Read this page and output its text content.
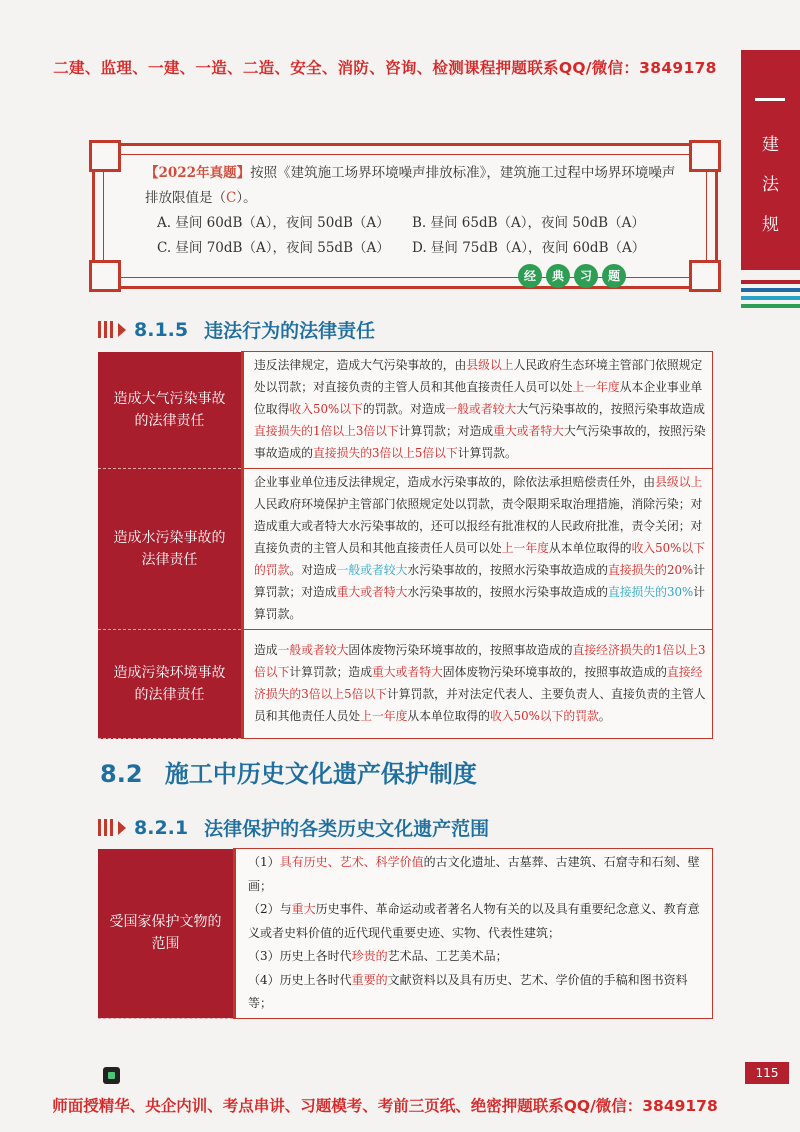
二建、监理、一建、一造、二造、安全、消防、咨询、检测课程押题联系QQ/微信：3849178
建
法
规
【2022年真题】按照《建筑施工场界环境噪声排放标准》，建筑施工过程中场界环境噪声
排放限值是（C）。
A. 昼间 60dB（A），夜间 50dB（A）	B. 昼间 65dB（A），夜间 50dB（A）
C. 昼间 70dB（A），夜间 55dB（A）	D. 昼间 75dB（A），夜间 60dB（A）
经	典	习	题
8.1.5 违法行为的法律责任
造成大气污染事故的法律责任	违反法律规定，造成大气污染事故的，由县级以上人民政府生态环境主管部门依照规定处以罚款；对直接负责的主管人员和其他直接责任人员可以处上一年度从本企业事业单位取得收入50%以下的罚款。对造成一般或者较大大气污染事故的，按照污染事故造成直接损失的1倍以上3倍以下计算罚款；对造成重大或者特大大气污染事故的，按照污染事故造成的直接损失的3倍以上5倍以下计算罚款。
造成水污染事故的法律责任	企业事业单位违反法律规定，造成水污染事故的，除依法承担赔偿责任外，由县级以上人民政府环境保护主管部门依照规定处以罚款，责令限期采取治理措施，消除污染；对造成重大或者特大水污染事故的，还可以报经有批准权的人民政府批准，责令关闭；对直接负责的主管人员和其他直接责任人员可以处上一年度从本单位取得的收入50%以下的罚款。对造成一般或者较大水污染事故的，按照水污染事故造成的直接损失的20%计算罚款；对造成重大或者特大水污染事故的，按照水污染事故造成的直接损失的30%计算罚款。
造成污染环境事故的法律责任	造成一般或者较大固体废物污染环境事故的，按照事故造成的直接经济损失的1倍以上3倍以下计算罚款；造成重大或者特大固体废物污染环境事故的，按照事故造成的直接经济损失的3倍以上5倍以下计算罚款，并对法定代表人、主要负责人、直接负责的主管人员和其他责任人员处上一年度从本单位取得的收入50%以下的罚款。
8.2 施工中历史文化遗产保护制度
8.2.1 法律保护的各类历史文化遗产范围
受国家保护文物的范围	
（1）具有历史、艺术、科学价值的古文化遗址、古墓葬、古建筑、石窟寺和石刻、壁画；
（2）与重大历史事件、革命运动或者著名人物有关的以及具有重要纪念意义、教育意义或者史料价值的近代现代重要史迹、实物、代表性建筑；
（3）历史上各时代珍贵的艺术品、工艺美术品；
（4）历史上各时代重要的文献资料以及具有历史、艺术、学价值的手稿和图书资料等；
115
师面授精华、央企内训、考点串讲、习题模考、考前三页纸、绝密押题联系QQ/微信：3849178
